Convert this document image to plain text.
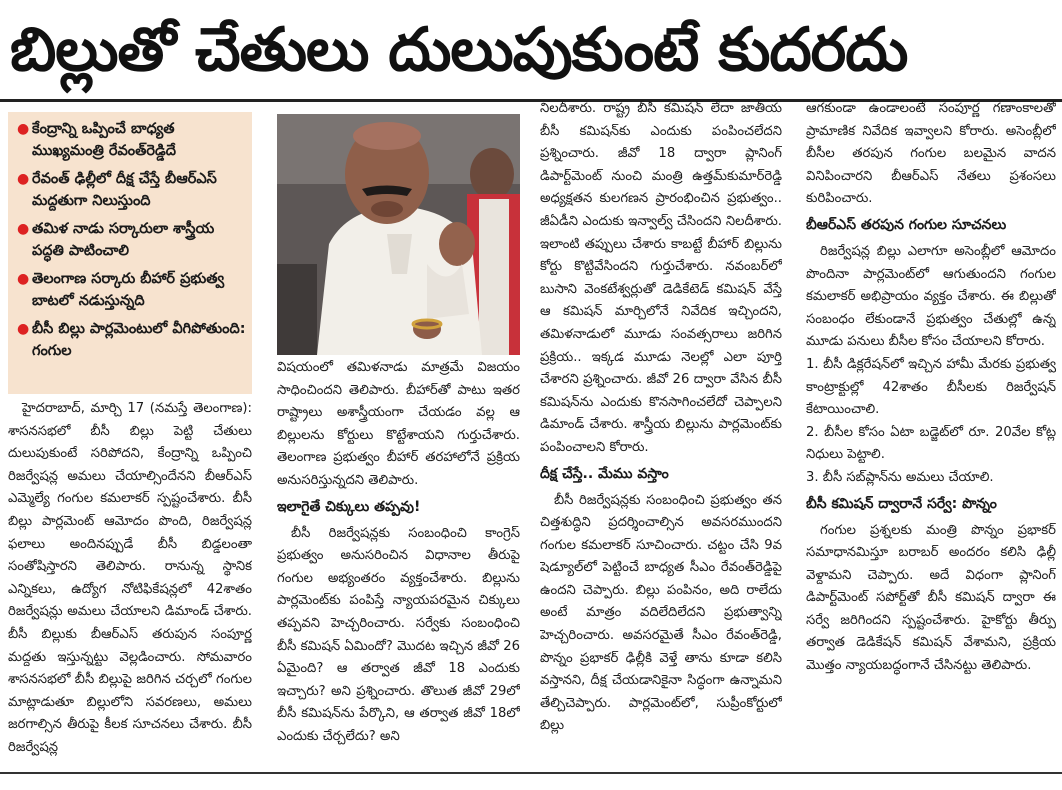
బిల్లుతో చేతులు దులుపుకుంటే కుదరదు
● కేంద్రాన్ని ఒప్పించే బాధ్యత ముఖ్యమంత్రి రేవంత్‌రెడ్డిదే
● రేవంత్ ఢిల్లీలో దీక్ష చేస్తే బీఆర్‌ఎస్ మద్దతుగా నిలుస్తుంది
● తమిళ నాడు సర్కారులా శాస్త్రీయ పద్ధతి పాటించాలి
● తెలంగాణ సర్కారు బీహార్ ప్రభుత్వ బాటలో నడుస్తున్నది
● బీసీ బిల్లు పార్లమెంటులో వీగిపోతుంది: గంగుల

హైదరాబాద్, మార్చి 17 (నమస్తే తెలంగాణ): శాసనసభలో బీసీ బిల్లు పెట్టి చేతులు దులుపుకుంటే సరిపోదని, కేంద్రాన్ని ఒప్పించి రిజర్వేషన్ల అమలు చేయాల్సిందేనని బీఆర్‌ఎస్ ఎమ్మెల్యే గంగుల కమలాకర్ స్పష్టంచేశారు. బీసీ బిల్లు పార్లమెంట్ ఆమోదం పొంది, రిజర్వేషన్ల ఫలాలు అందినప్పుడే బీసీ బిడ్డలంతా సంతోషిస్తారని తెలిపారు. రానున్న స్థానిక ఎన్నికలు, ఉద్యోగ నోటిఫికేషన్లలో 42శాతం రిజర్వేషన్లు అమలు చేయాలని డిమాండ్ చేశారు. బీసీ బిల్లుకు బీఆర్‌ఎస్ తరుపున సంపూర్ణ మద్దతు ఇస్తున్నట్టు వెల్లడించారు. సోమవారం శాసనసభలో బీసీ బిల్లుపై జరిగిన చర్చలో గంగుల మాట్లాడుతూ బిల్లులోని సవరణలు, అమలు జరగాల్సిన తీరుపై కీలక సూచనలు చేశారు. బీసీ రిజర్వేషన్ల

విషయంలో తమిళనాడు మాత్రమే విజయం సాధించిందని తెలిపారు. బీహార్‌తో పాటు ఇతర రాష్ట్రాలు అశాస్త్రీయంగా చేయడం వల్ల ఆ బిల్లులను కోర్టులు కొట్టేశాయని గుర్తుచేశారు. తెలంగాణ ప్రభుత్వం బీహార్ తరహాలోనే ప్రక్రియ అనుసరిస్తున్నదని తెలిపారు.

ఇలాగైతే చిక్కులు తప్పవు!

బీసీ రిజర్వేషన్లకు సంబంధించి కాంగ్రెస్ ప్రభుత్వం అనుసరించిన విధానాల తీరుపై గంగుల అభ్యంతరం వ్యక్తంచేశారు. బిల్లును పార్లమెంట్‌కు పంపిస్తే న్యాయపరమైన చిక్కులు తప్పవని హెచ్చరించారు. సర్వేకు సంబంధించి బీసీ కమిషన్ ఏమిందో? మొదట ఇచ్చిన జీవో 26 ఏమైంది? ఆ తర్వాత జీవో 18 ఎందుకు ఇచ్చారు? అని ప్రశ్నించారు. తొలుత జీవో 29లో బీసీ కమిషన్‌ను పేర్కొని, ఆ తర్వాత జీవో 18లో ఎందుకు చేర్చలేదు? అని

నిలదీశారు. రాష్ట్ర బీసీ కమిషన్ లేదా జాతీయ బీసీ కమిషన్‌కు ఎందుకు పంపించలేదని ప్రశ్నించారు. జీవో 18 ద్వారా ప్లానింగ్ డిపార్ట్‌మెంట్ నుంచి మంత్రి ఉత్తమ్‌కుమార్‌రెడ్డి అధ్యక్షతన కులగణన ప్రారంభించిన ప్రభుత్వం.. జీఏడీని ఎందుకు ఇన్వాల్వ్ చేసిందని నిలదీశారు. ఇలాంటి తప్పులు చేశారు కాబట్టే బీహార్ బిల్లును కోర్టు కొట్టివేసిందని గుర్తుచేశారు. నవంబర్‌లో బుసాని వెంకటేశ్వర్లుతో డెడికేటెడ్ కమిషన్ వేస్తే ఆ కమిషన్ మార్చిలోనే నివేదిక ఇచ్చిందని, తమిళనాడులో మూడు సంవత్సరాలు జరిగిన ప్రక్రియ.. ఇక్కడ మూడు నెలల్లో ఎలా పూర్తి చేశారని ప్రశ్నించారు. జీవో 26 ద్వారా వేసిన బీసీ కమిషన్‌ను ఎందుకు కొనసాగించలేదో చెప్పాలని డిమాండ్ చేశారు. శాస్త్రీయ బిల్లును పార్లమెంట్‌కు పంపించాలని కోరారు.

దీక్ష చేస్తే.. మేము వస్తాం

బీసీ రిజర్వేషన్లకు సంబంధించి ప్రభుత్వం తన చిత్తశుద్ధిని ప్రదర్శించాల్సిన అవసరముందని గంగుల కమలాకర్ సూచించారు. చట్టం చేసి 9వ షెడ్యూల్‌లో పెట్టించే బాధ్యత సీఎం రేవంత్‌రెడ్డిపై ఉందని చెప్పారు. బిల్లు పంపినం, అది రాలేదు అంటే మాత్రం వదిలేదిలేదని ప్రభుత్వాన్ని హెచ్చరించారు. అవసరమైతే సీఎం రేవంత్‌రెడ్డి, పొన్నం ప్రభాకర్ ఢిల్లీకి వెళ్తే తాను కూడా కలిసి వస్తానని, దీక్ష చేయడానికైనా సిద్ధంగా ఉన్నామని తేల్చిచెప్పారు. పార్లమెంట్‌లో, సుప్రీంకోర్టులో బిల్లు

ఆగకుండా ఉండాలంటే సంపూర్ణ గణాంకాలతో ప్రామాణిక నివేదిక ఇవ్వాలని కోరారు. అసెంబ్లీలో బీసీల తరపున గంగుల బలమైన వాదన వినిపించారని బీఆర్‌ఎస్ నేతలు ప్రశంసలు కురిపించారు.

బీఆర్‌ఎస్ తరపున గంగుల సూచనలు

రిజర్వేషన్ల బిల్లు ఎలాగూ అసెంబ్లీలో ఆమోదం పొందినా పార్లమెంట్‌లో ఆగుతుందని గంగుల కమలాకర్ అభిప్రాయం వ్యక్తం చేశారు. ఈ బిల్లుతో సంబంధం లేకుండానే ప్రభుత్వం చేతుల్లో ఉన్న మూడు పనులు బీసీల కోసం చేయాలని కోరారు.

1. బీసీ డిక్లరేషన్‌లో ఇచ్చిన హామీ మేరకు ప్రభుత్వ కాంట్రాక్టుల్లో 42శాతం బీసీలకు రిజర్వేషన్ కేటాయించాలి.
2. బీసీల కోసం ఏటా బడ్జెట్‌లో రూ. 20వేల కోట్ల నిధులు పెట్టాలి.
3. బీసీ సబ్‌ప్లాన్‌ను అమలు చేయాలి.
బీసీ కమిషన్ ద్వారానే సర్వే: పొన్నం

గంగుల ప్రశ్నలకు మంత్రి పొన్నం ప్రభాకర్ సమాధానమిస్తూ బరాబర్ అందరం కలిసి ఢిల్లీ వెళ్దామని చెప్పారు. అదే విధంగా ప్లానింగ్ డిపార్ట్‌మెంట్ సపోర్ట్‌తో బీసీ కమిషన్ ద్వారా ఈ సర్వే జరిగిందని స్పష్టంచేశారు. హైకోర్టు తీర్పు తర్వాత డెడికేషన్ కమిషన్ వేశామని, ప్రక్రియ మొత్తం న్యాయబద్ధంగానే చేసినట్టు తెలిపారు.
